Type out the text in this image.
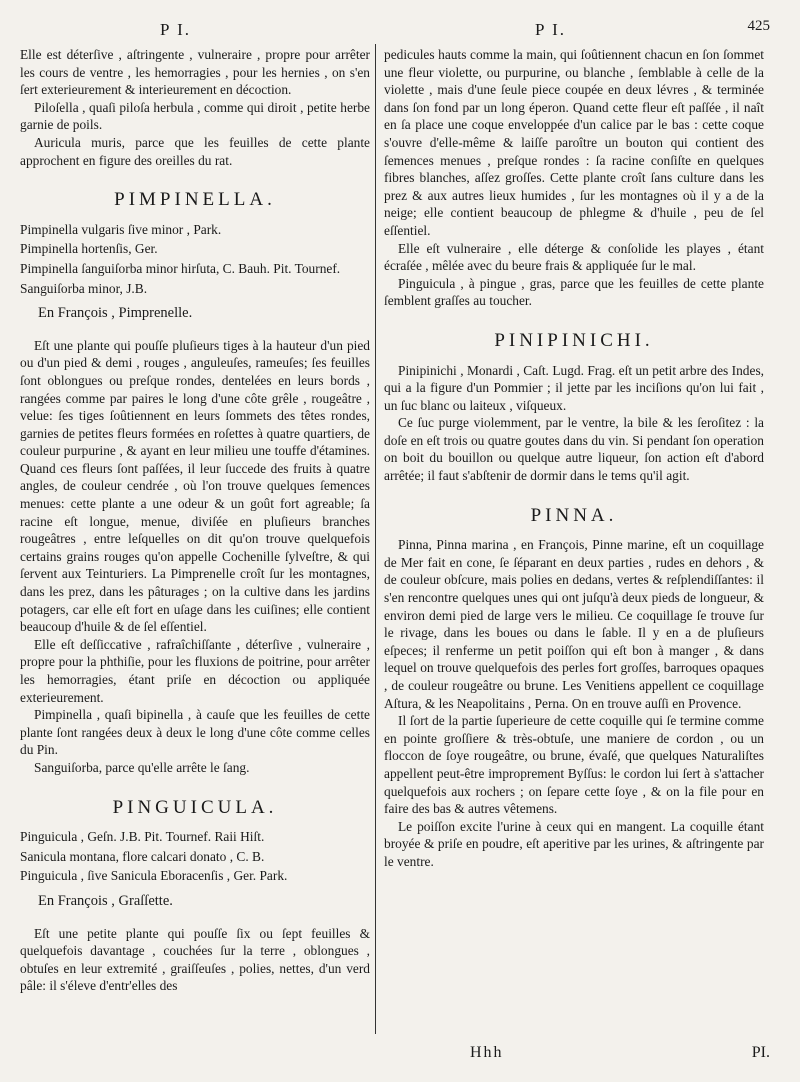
P I.	P I.	425

Elle est déterſive , aſtringente , vulneraire , propre pour arrêter les cours de ventre , les hemorragies , pour les hernies , on s'en ſert exterieurement & interieurement en décoction.

Piloſella , quaſi piloſa herbula , comme qui diroit , petite herbe garnie de poils.

Auricula muris, parce que les feuilles de cette plante approchent en figure des oreilles du rat.

PIMPINELLA.

Pimpinella vulgaris ſive minor , Park.

Pimpinella hortenſis, Ger.

Pimpinella ſanguiſorba minor hirſuta, C. Bauh. Pit. Tournef.

Sanguiſorba minor, J.B.

En François , Pimprenelle.

Eſt une plante qui pouſſe pluſieurs tiges à la hauteur d'un pied ou d'un pied & demi , rouges , anguleuſes, rameuſes; ſes feuilles ſont oblongues ou preſque rondes, dentelées en leurs bords , rangées comme par paires le long d'une côte grêle , rougeâtre , velue: ſes tiges ſoûtiennent en leurs ſommets des têtes rondes, garnies de petites fleurs formées en roſettes à quatre quartiers, de couleur purpurine , & ayant en leur milieu une touffe d'étamines. Quand ces fleurs ſont paſſées, il leur ſuccede des fruits à quatre angles, de couleur cendrée , où l'on trouve quelques ſemences menues: cette plante a une odeur & un goût fort agreable; ſa racine eſt longue, menue, diviſée en pluſieurs branches rougeâtres , entre leſquelles on dit qu'on trouve quelquefois certains grains rouges qu'on appelle Cochenille ſylveſtre, & qui ſervent aux Teinturiers. La Pimprenelle croît ſur les montagnes, dans les prez, dans les pâturages ; on la cultive dans les jardins potagers, car elle eſt fort en uſage dans les cuiſines; elle contient beaucoup d'huile & de ſel eſſentiel.

Elle eſt deſſiccative , rafraîchiſſante , déterſive , vulneraire , propre pour la phthiſie, pour les fluxions de poitrine, pour arrêter les hemorragies, étant priſe en décoction ou appliquée exterieurement.

Pimpinella , quaſi bipinella , à cauſe que les feuilles de cette plante ſont rangées deux à deux le long d'une côte comme celles du Pin.

Sanguiſorba, parce qu'elle arrête le ſang.

PINGUICULA.

Pinguicula , Geſn. J.B. Pit. Tournef. Raii Hiſt.

Sanicula montana, flore calcari donato , C. B.

Pinguicula , ſive Sanicula Eboracenſis , Ger. Park.

En François , Graſſette.

Eſt une petite plante qui pouſſe ſix ou ſept feuilles & quelquefois davantage , couchées ſur la terre , oblongues , obtuſes en leur extremité , graiſſeuſes , polies, nettes, d'un verd pâle: il s'éleve d'entr'elles des

pedicules hauts comme la main, qui ſoûtiennent chacun en ſon ſommet une fleur violette, ou purpurine, ou blanche , ſemblable à celle de la violette , mais d'une ſeule piece coupée en deux lévres , & terminée dans ſon fond par un long éperon. Quand cette fleur eſt paſſée , il naît en ſa place une coque enveloppée d'un calice par le bas : cette coque s'ouvre d'elle-même & laiſſe paroître un bouton qui contient des ſemences menues , preſque rondes : ſa racine conſiſte en quelques fibres blanches, aſſez groſſes. Cette plante croît ſans culture dans les prez & aux autres lieux humides , ſur les montagnes où il y a de la neige; elle contient beaucoup de phlegme & d'huile , peu de ſel eſſentiel.

Elle eſt vulneraire , elle déterge & conſolide les playes , étant écraſée , mêlée avec du beure frais & appliquée ſur le mal.

Pinguicula , à pingue , gras, parce que les feuilles de cette plante ſemblent graſſes au toucher.

PINIPINICHI.

Pinipinichi , Monardi , Caſt. Lugd. Frag. eſt un petit arbre des Indes, qui a la figure d'un Pommier ; il jette par les inciſions qu'on lui fait , un ſuc blanc ou laiteux , viſqueux.

Ce ſuc purge violemment, par le ventre, la bile & les ſeroſitez : la doſe en eſt trois ou quatre goutes dans du vin. Si pendant ſon operation on boit du bouillon ou quelque autre liqueur, ſon action eſt d'abord arrêtée; il faut s'abſtenir de dormir dans le tems qu'il agit.

PINNA.

Pinna, Pinna marina , en François, Pinne marine, eſt un coquillage de Mer fait en cone, ſe ſéparant en deux parties , rudes en dehors , & de couleur obſcure, mais polies en dedans, vertes & reſplendiſſantes: il s'en rencontre quelques unes qui ont juſqu'à deux pieds de longueur, & environ demi pied de large vers le milieu. Ce coquillage ſe trouve ſur le rivage, dans les boues ou dans le ſable. Il y en a de pluſieurs eſpeces; il renferme un petit poiſſon qui eſt bon à manger , & dans lequel on trouve quelquefois des perles fort groſſes, barroques opaques , de couleur rougeâtre ou brune. Les Venitiens appellent ce coquillage Aſtura, & les Neapolitains , Perna. On en trouve auſſi en Provence.

Il ſort de la partie ſuperieure de cette coquille qui ſe termine comme en pointe groſſiere & très-obtuſe, une maniere de cordon , ou un floccon de ſoye rougeâtre, ou brune, évaſé, que quelques Naturaliſtes appellent peut-être improprement Byſſus: le cordon lui ſert à s'attacher quelquefois aux rochers ; on ſepare cette ſoye , & on la file pour en faire des bas & autres vêtemens.

Le poiſſon excite l'urine à ceux qui en mangent. La coquille étant broyée & priſe en poudre, eſt aperitive par les urines, & aſtringente par le ventre.

Hhh	PI.
